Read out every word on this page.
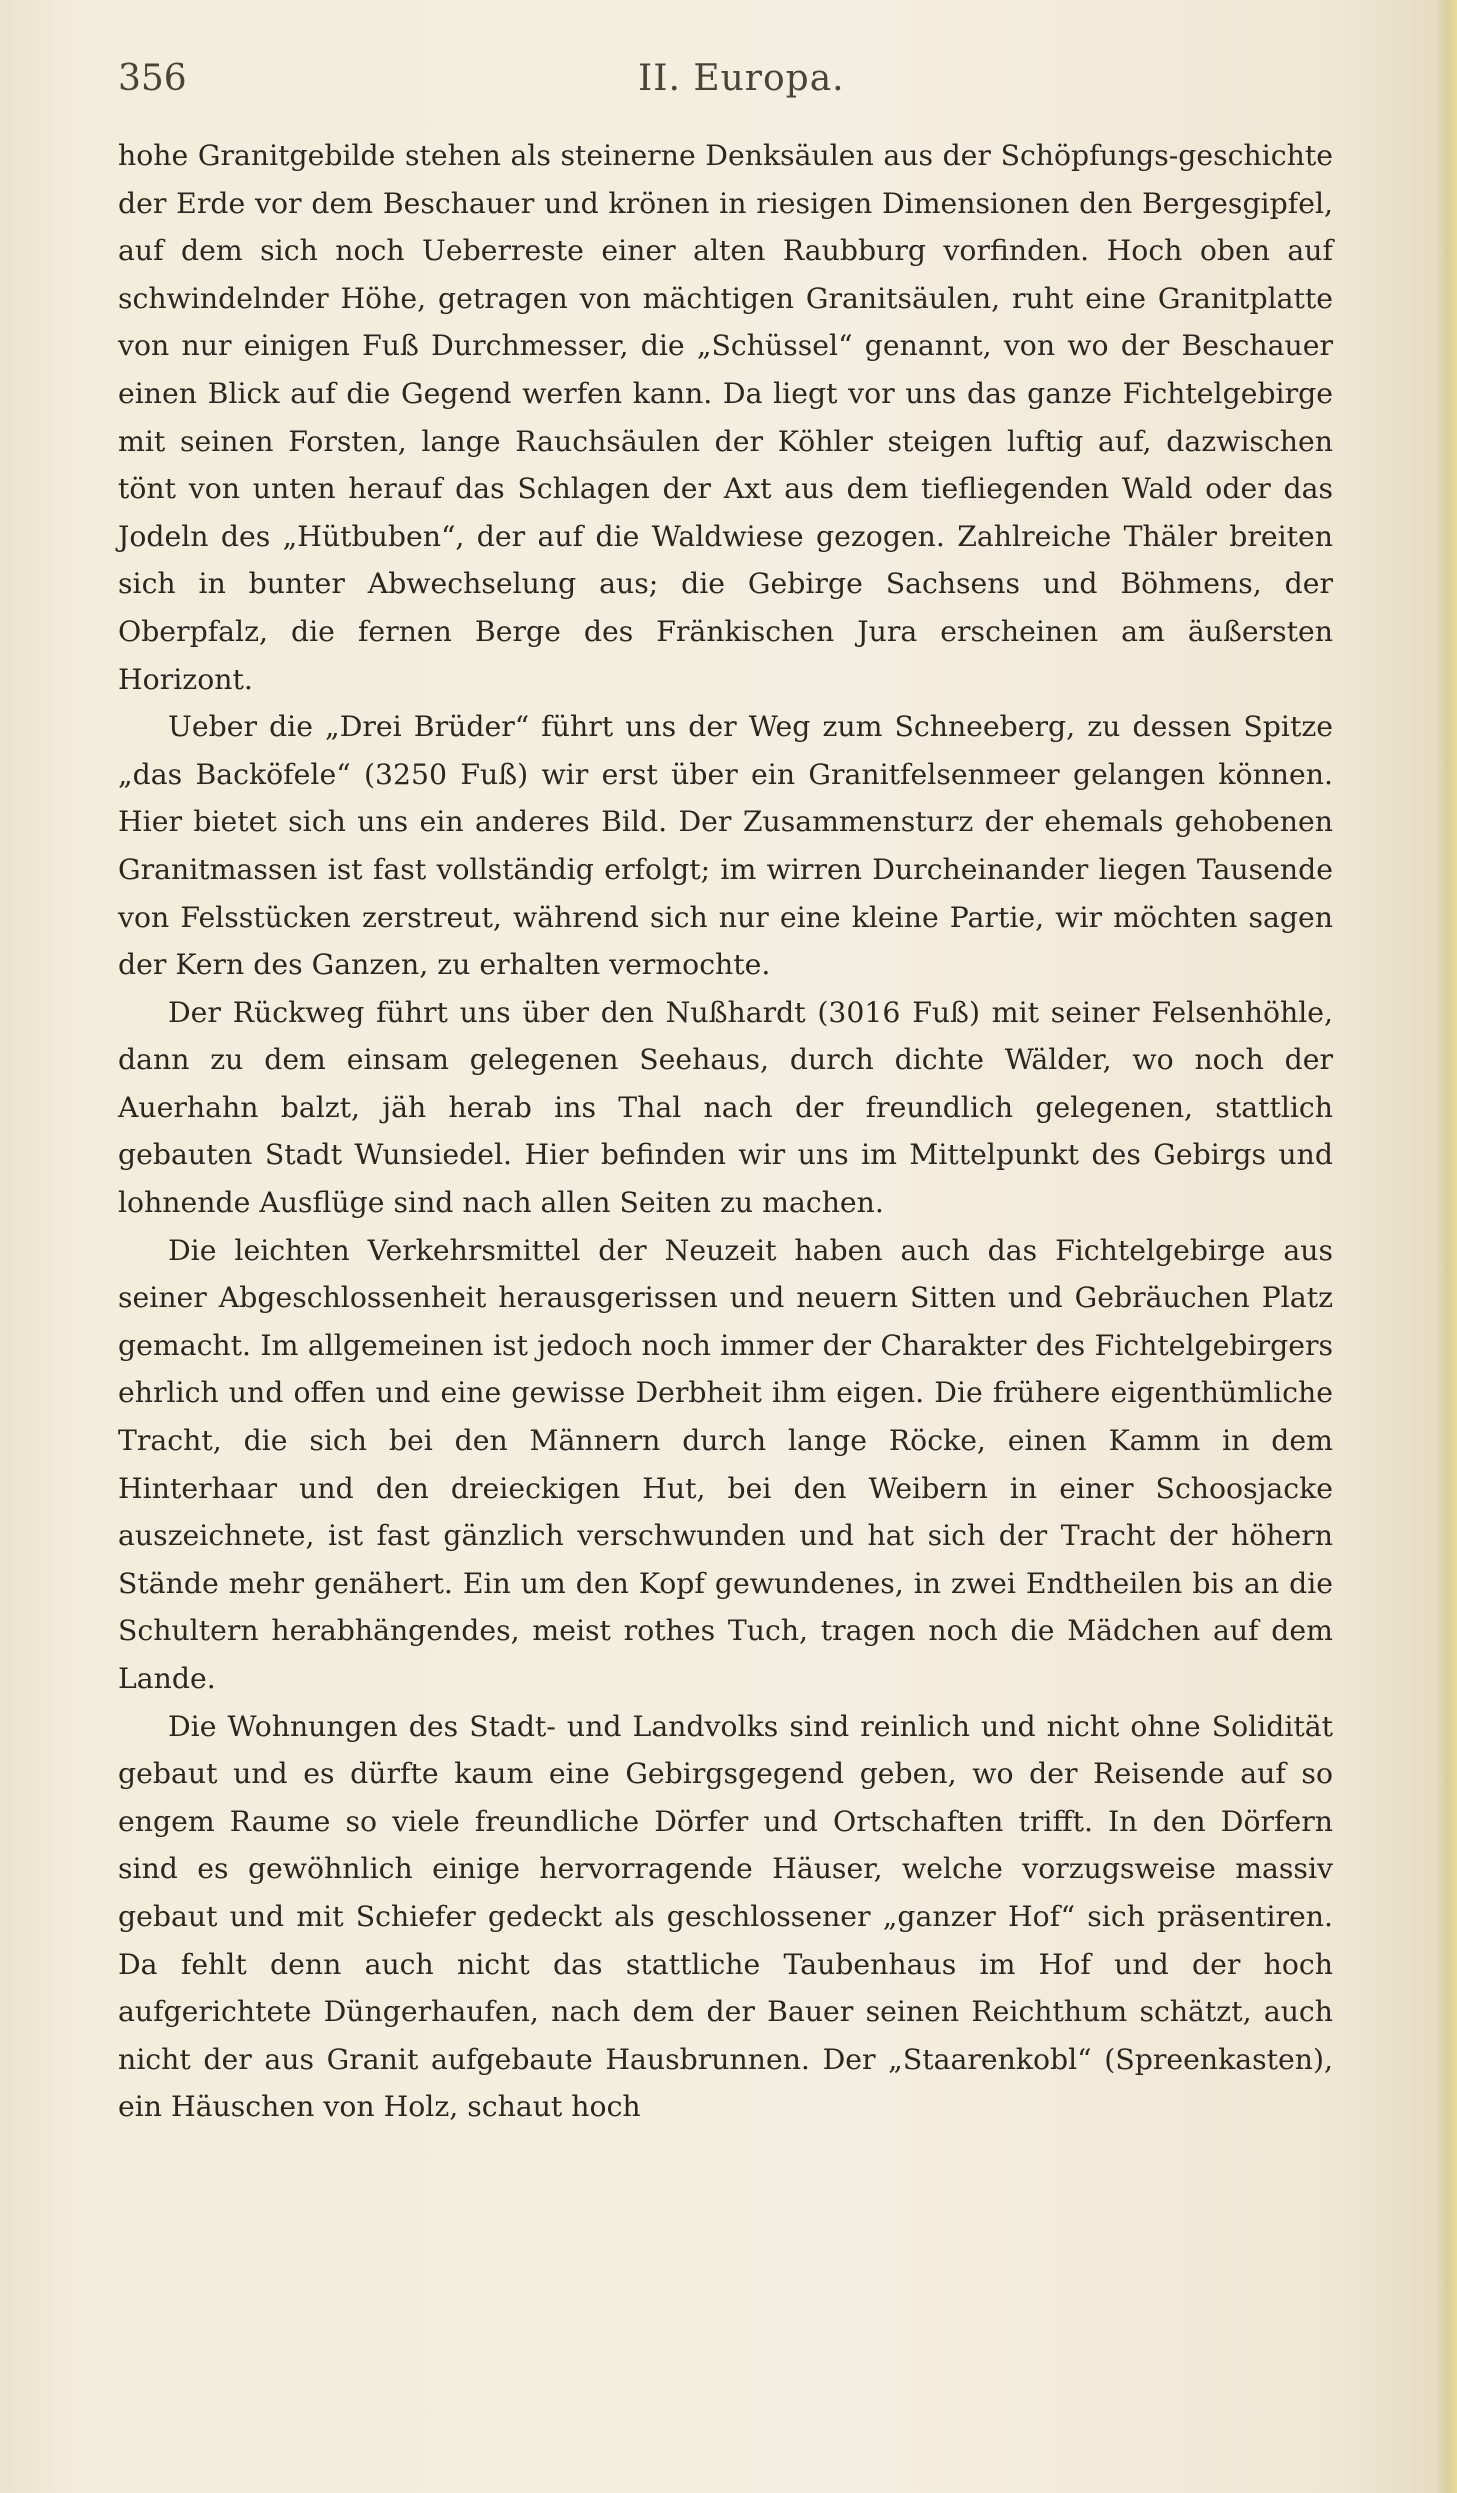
356	II. Europa.

hohe Granitgebilde stehen als steinerne Denksäulen aus der Schöpfungs-geschichte der Erde vor dem Beschauer und krönen in riesigen Dimensionen den Bergesgipfel, auf dem sich noch Ueberreste einer alten Raubburg vorfinden. Hoch oben auf schwindelnder Höhe, getragen von mächtigen Granitsäulen, ruht eine Granitplatte von nur einigen Fuß Durchmesser, die „Schüssel“ genannt, von wo der Beschauer einen Blick auf die Gegend werfen kann. Da liegt vor uns das ganze Fichtelgebirge mit seinen Forsten, lange Rauchsäulen der Köhler steigen luftig auf, dazwischen tönt von unten herauf das Schlagen der Axt aus dem tiefliegenden Wald oder das Jodeln des „Hütbuben“, der auf die Waldwiese gezogen. Zahlreiche Thäler breiten sich in bunter Abwechselung aus; die Gebirge Sachsens und Böhmens, der Oberpfalz, die fernen Berge des Fränkischen Jura erscheinen am äußersten Horizont.

Ueber die „Drei Brüder“ führt uns der Weg zum Schneeberg, zu dessen Spitze „das Backöfele“ (3250 Fuß) wir erst über ein Granitfelsenmeer gelangen können. Hier bietet sich uns ein anderes Bild. Der Zusammensturz der ehemals gehobenen Granitmassen ist fast vollständig erfolgt; im wirren Durcheinander liegen Tausende von Felsstücken zerstreut, während sich nur eine kleine Partie, wir möchten sagen der Kern des Ganzen, zu erhalten vermochte.

Der Rückweg führt uns über den Nußhardt (3016 Fuß) mit seiner Felsenhöhle, dann zu dem einsam gelegenen Seehaus, durch dichte Wälder, wo noch der Auerhahn balzt, jäh herab ins Thal nach der freundlich gelegenen, stattlich gebauten Stadt Wunsiedel. Hier befinden wir uns im Mittelpunkt des Gebirgs und lohnende Ausflüge sind nach allen Seiten zu machen.

Die leichten Verkehrsmittel der Neuzeit haben auch das Fichtelgebirge aus seiner Abgeschlossenheit herausgerissen und neuern Sitten und Gebräuchen Platz gemacht. Im allgemeinen ist jedoch noch immer der Charakter des Fichtelgebirgers ehrlich und offen und eine gewisse Derbheit ihm eigen. Die frühere eigenthümliche Tracht, die sich bei den Männern durch lange Röcke, einen Kamm in dem Hinterhaar und den dreieckigen Hut, bei den Weibern in einer Schoosjacke auszeichnete, ist fast gänzlich verschwunden und hat sich der Tracht der höhern Stände mehr genähert. Ein um den Kopf gewundenes, in zwei Endtheilen bis an die Schultern herabhängendes, meist rothes Tuch, tragen noch die Mädchen auf dem Lande.

Die Wohnungen des Stadt- und Landvolks sind reinlich und nicht ohne Solidität gebaut und es dürfte kaum eine Gebirgsgegend geben, wo der Reisende auf so engem Raume so viele freundliche Dörfer und Ortschaften trifft. In den Dörfern sind es gewöhnlich einige hervorragende Häuser, welche vorzugsweise massiv gebaut und mit Schiefer gedeckt als geschlossener „ganzer Hof“ sich präsentiren. Da fehlt denn auch nicht das stattliche Taubenhaus im Hof und der hoch aufgerichtete Düngerhaufen, nach dem der Bauer seinen Reichthum schätzt, auch nicht der aus Granit aufgebaute Hausbrunnen. Der „Staarenkobl“ (Spreenkasten), ein Häuschen von Holz, schaut hoch
